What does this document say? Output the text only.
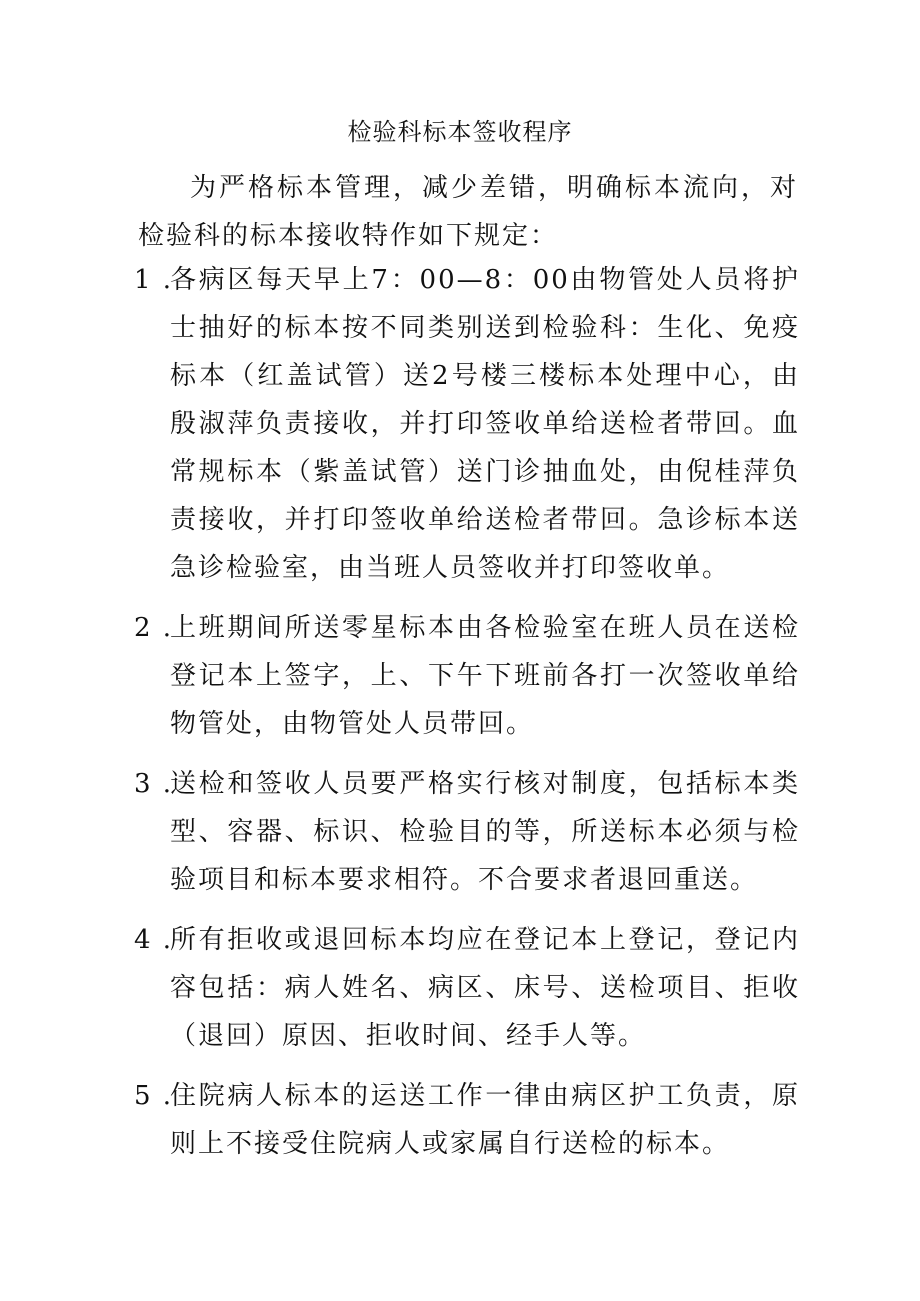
检验科标本签收程序
为严格标本管理，减少差错，明确标本流向，对检验科的标本接收特作如下规定：
1 .
各病区每天早上7：00—8：00由物管处人员将护士抽好的标本按不同类别送到检验科：生化、免疫标本（红盖试管）送2号楼三楼标本处理中心，由殷淑萍负责接收，并打印签收单给送检者带回。血常规标本（紫盖试管）送门诊抽血处，由倪桂萍负责接收，并打印签收单给送检者带回。急诊标本送急诊检验室，由当班人员签收并打印签收单。
2 .
上班期间所送零星标本由各检验室在班人员在送检登记本上签字，上、下午下班前各打一次签收单给物管处，由物管处人员带回。
3 .
送检和签收人员要严格实行核对制度，包括标本类型、容器、标识、检验目的等，所送标本必须与检验项目和标本要求相符。不合要求者退回重送。
4 .
所有拒收或退回标本均应在登记本上登记，登记内容包括：病人姓名、病区、床号、送检项目、拒收（退回）原因、拒收时间、经手人等。
5 .
住院病人标本的运送工作一律由病区护工负责，原则上不接受住院病人或家属自行送检的标本。
